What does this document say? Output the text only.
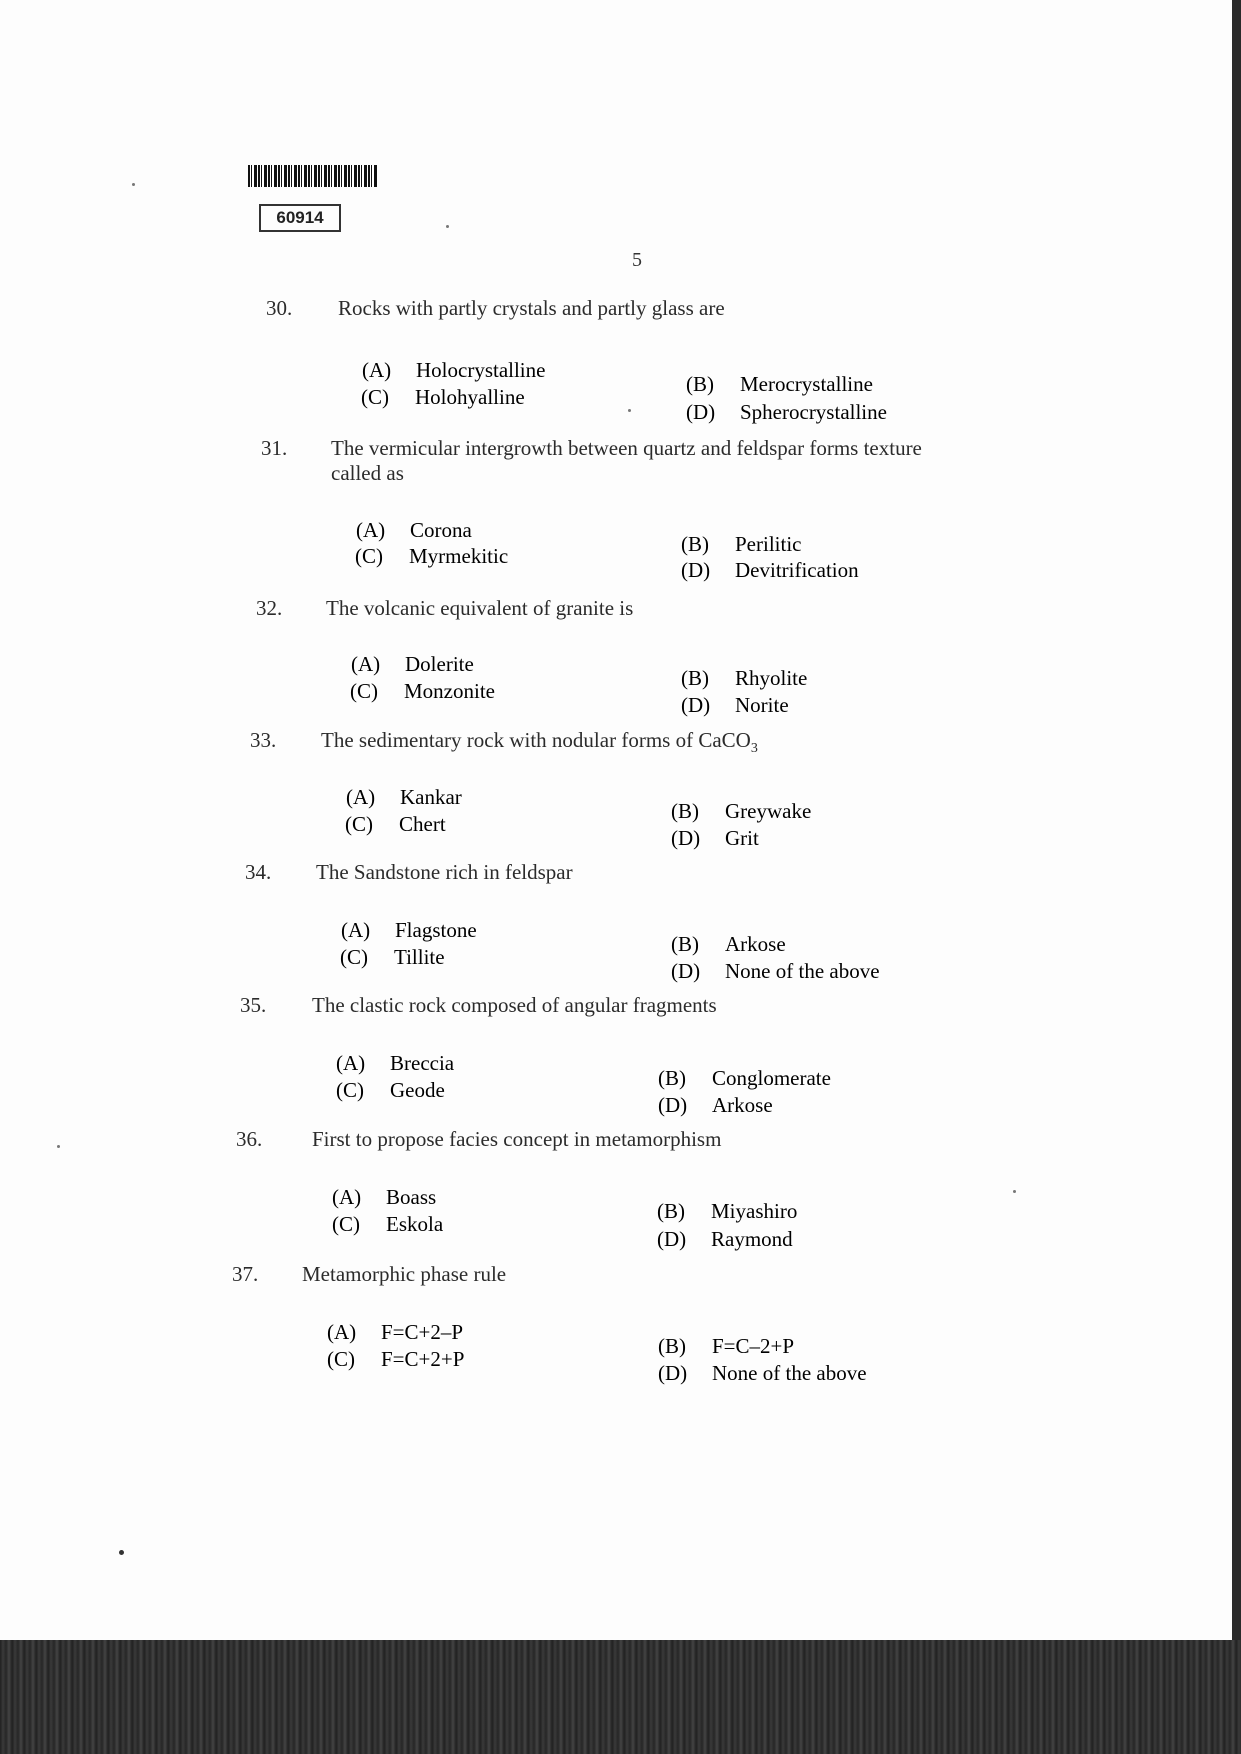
60914
5
30. Rocks with partly crystals and partly glass are
(A) Holocrystalline
(C) Holohyalline
(B) Merocrystalline
(D) Spherocrystalline
31. The vermicular intergrowth between quartz and feldspar forms texture
called as
(A) Corona
(C) Myrmekitic	(B) Perilitic
(D) Devitrification
32. The volcanic equivalent of granite is
(A) Dolerite
(C) Monzonite
(B) Rhyolite
(D) Norite
33. The sedimentary rock with nodular forms of CaCO$_3$
(A) Kankar
(C) Chert
(B) Greywake
(D) Grit
34. The Sandstone rich in feldspar
(A) Flagstone
(C) Tillite
(B) Arkose
(D) None of the above
35. The clastic rock composed of angular fragments
(A) Breccia
(C) Geode	(B) Conglomerate
(D) Arkose
36. First to propose facies concept in metamorphism
(A) Boass
(C) Eskola
(B) Miyashiro
(D) Raymond
37. Metamorphic phase rule
(A) F=C+2–P
(C) F=C+2+P
(B) F=C–2+P
(D) None of the above
